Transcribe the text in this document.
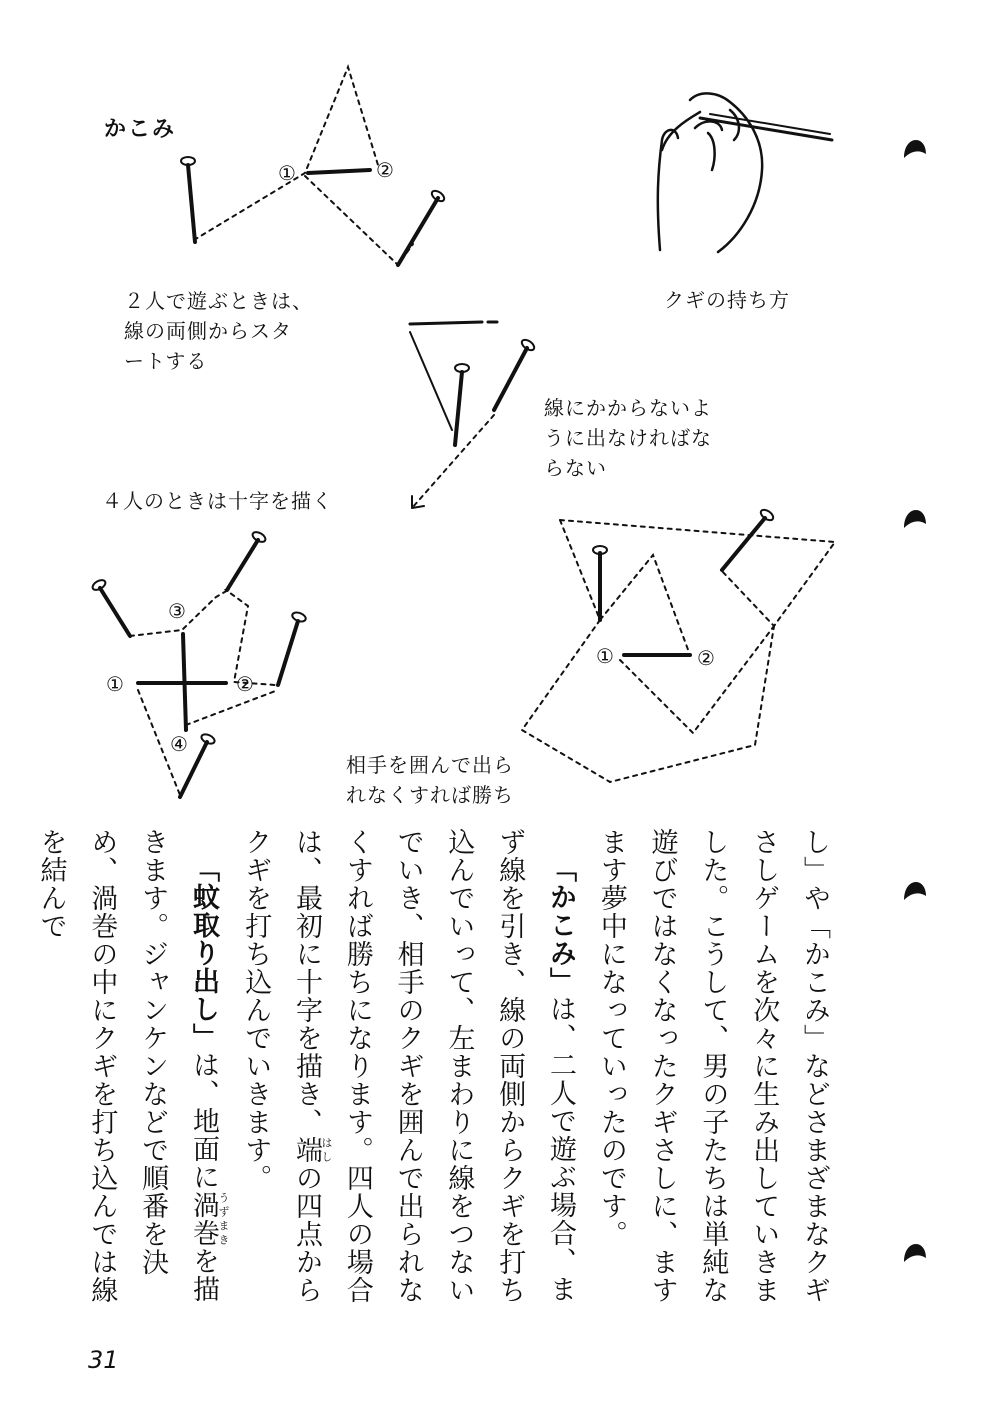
かこみ
①	②
③
①	②
④
①	②
２人で遊ぶときは、
線の両側からスタ
ートする
クギの持ち方
線にかからないよ
うに出なければな
らない
４人のときは十字を描く
相手を囲んで出ら
れなくすれば勝ち

し」や「かこみ」などさまざまなクギさしゲームを次々に生み出していきました。こうして、男の子たちは単純な遊びではなくなったクギさしに、ますます夢中になっていったのです。

「かこみ」は、二人で遊ぶ場合、まず線を引き、線の両側からクギを打ち込んでいって、左まわりに線をつないでいき、相手のクギを囲んで出られなくすれば勝ちになります。四人の場合は、最初に十字を描き、端はしの四点からクギを打ち込んでいきます。

「蚊取り出し」は、地面に渦巻うずまきを描きます。ジャンケンなどで順番を決め、渦巻の中にクギを打ち込んでは線を結んで

31
